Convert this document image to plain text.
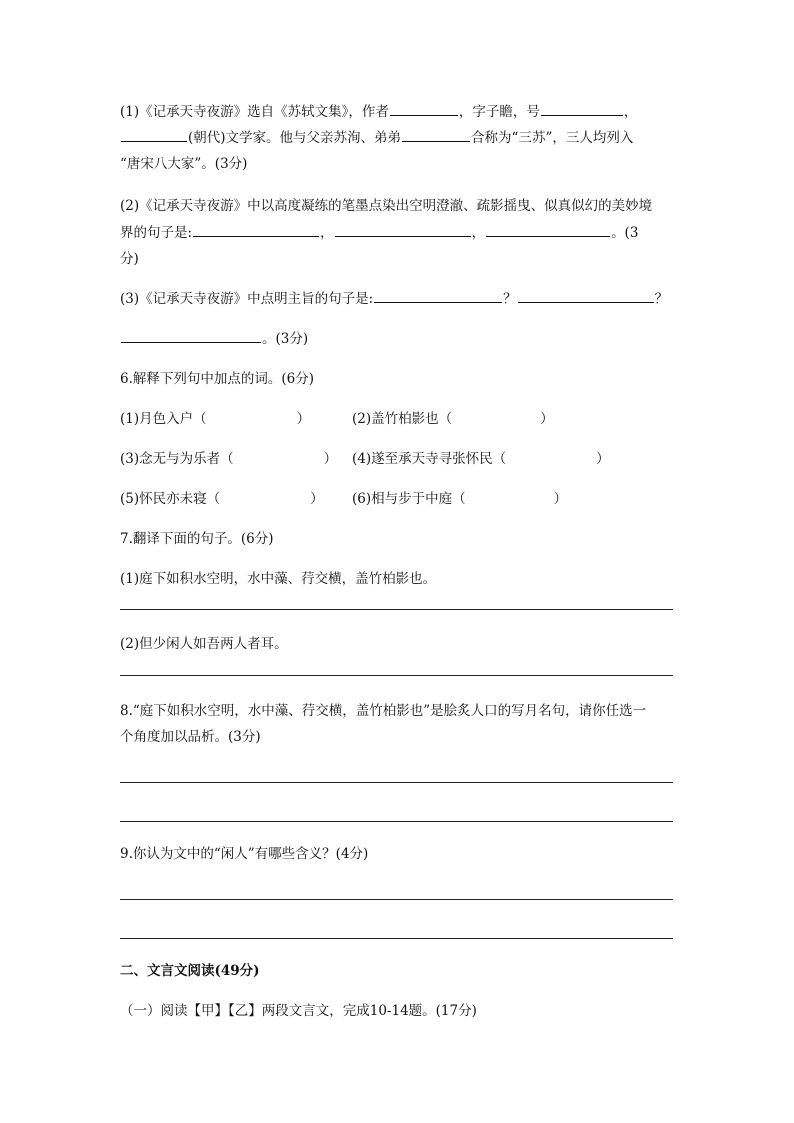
(1)《记承天寺夜游》选自《苏轼文集》，作者	，字子瞻，号	，
(朝代)文学家。他与父亲苏洵、弟弟	合称为“三苏”，三人均列入
“唐宋八大家”。(3分)
(2)《记承天寺夜游》中以高度凝练的笔墨点染出空明澄澈、疏影摇曳、似真似幻的美妙境
界的句子是:	，	，	。(3
分)
(3)《记承天寺夜游》中点明主旨的句子是:	？	？
。(3分)
6.解释下列句中加点的词。(6分)
(1)月色入户（	）	(2)盖竹柏影也（	）
(3)念无与为乐者（	） (4)遂至承天寺寻张怀民（	）
(5)怀民亦未寝（	） (6)相与步于中庭（	）
7.翻译下面的句子。(6分)
(1)庭下如积水空明，水中藻、荇交横，盖竹柏影也。
(2)但少闲人如吾两人者耳。
8.“庭下如积水空明，水中藻、荇交横，盖竹柏影也”是脍炙人口的写月名句，请你任选一
个角度加以品析。(3分)
9.你认为文中的“闲人”有哪些含义？(4分)
二、文言文阅读(49分)
（一）阅读【甲】【乙】两段文言文，完成10-14题。(17分)
